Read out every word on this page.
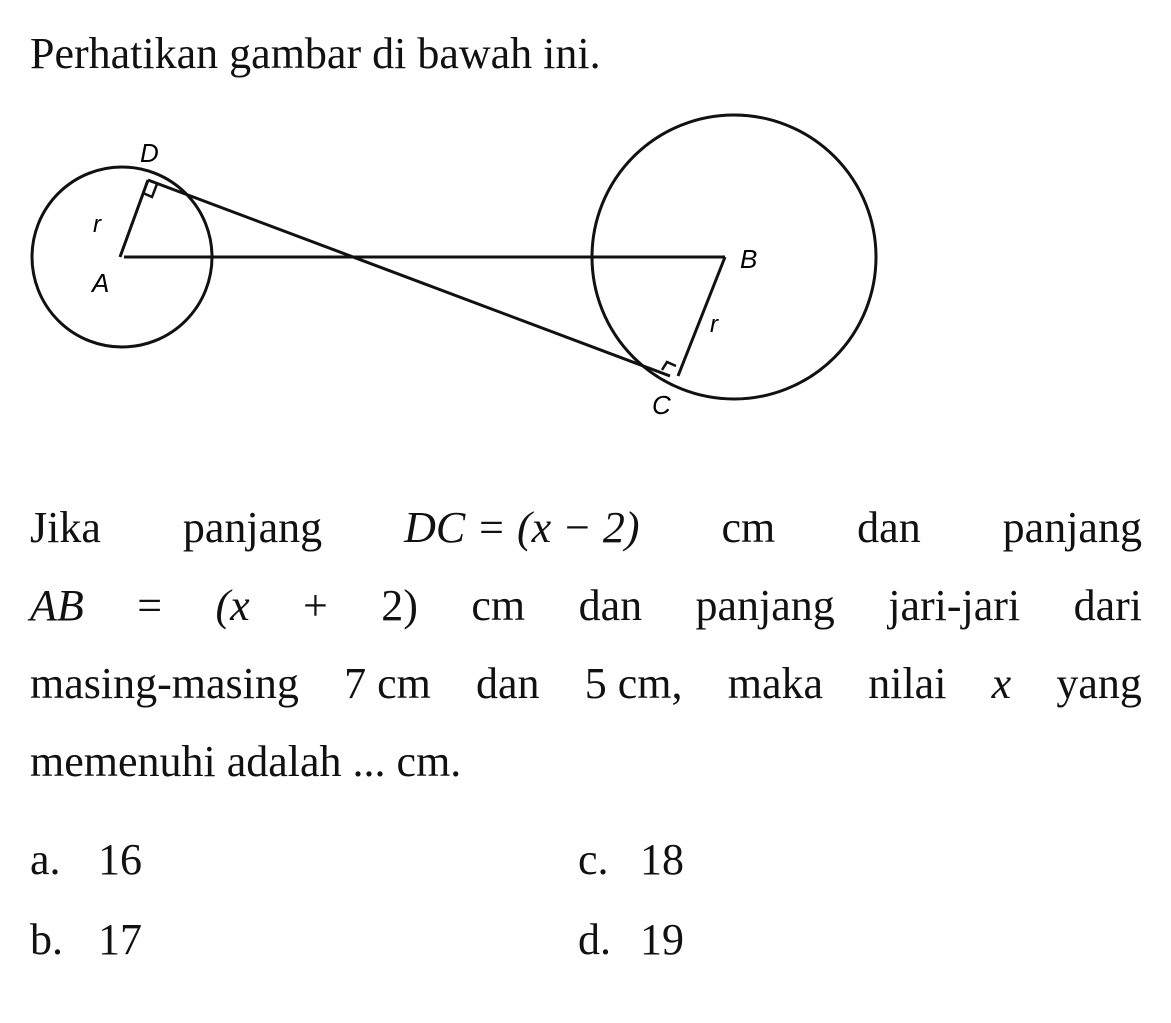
Perhatikan gambar di bawah ini.

D
r
A
B
r
C
Jika panjang DC = (x − 2) cm dan panjang
AB = (x + 2) cm dan panjang jari-jari dari
masing-masing 7 cm dan 5 cm, maka nilai x yang
memenuhi adalah ... cm.
a. 16
b. 17
c. 18
d. 19
